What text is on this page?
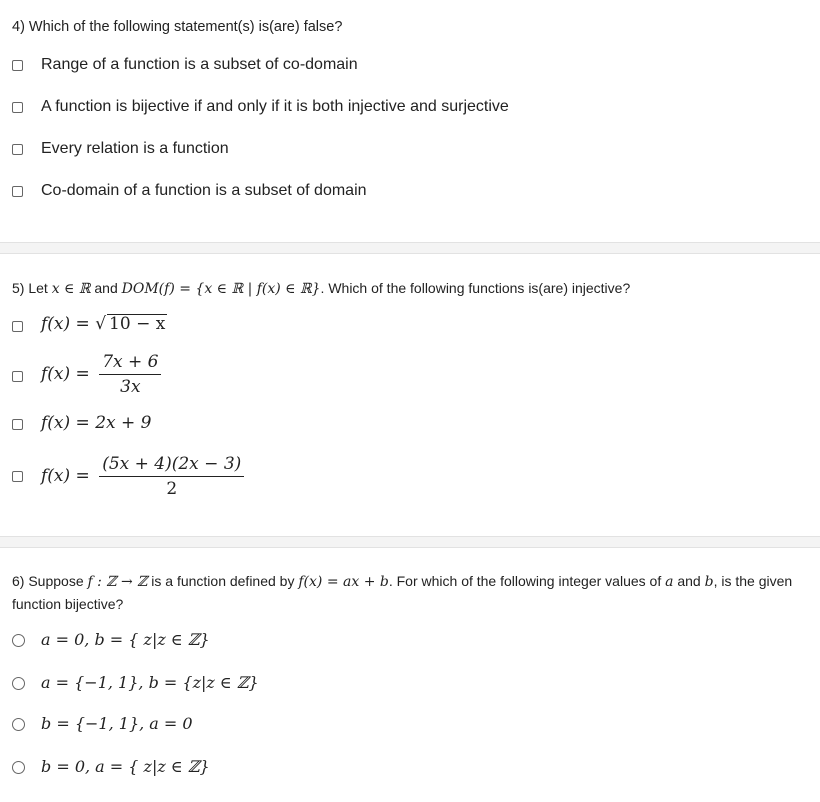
4) Which of the following statement(s) is(are) false?
Range of a function is a subset of co-domain
A function is bijective if and only if it is both injective and surjective
Every relation is a function
Co-domain of a function is a subset of domain
5) Let x ∈ ℝ and DOM(f) = {x ∈ ℝ | f(x) ∈ ℝ}. Which of the following functions is(are) injective?
f(x) = √ 10 − x
$f(x) = \frac{7x + 6}{3x}$
f(x) = 2x + 9
$f(x) = \frac{(5x + 4)(2x - 3)}{2}$
6) Suppose f : ℤ → ℤ is a function defined by f(x) = ax + b. For which of the following integer values of a and b, is the given
function bijective?
a = 0, b = { z|z ∈ ℤ}
a = {−1, 1}, b = {z|z ∈ ℤ}
b = {−1, 1}, a = 0
b = 0, a = { z|z ∈ ℤ}
